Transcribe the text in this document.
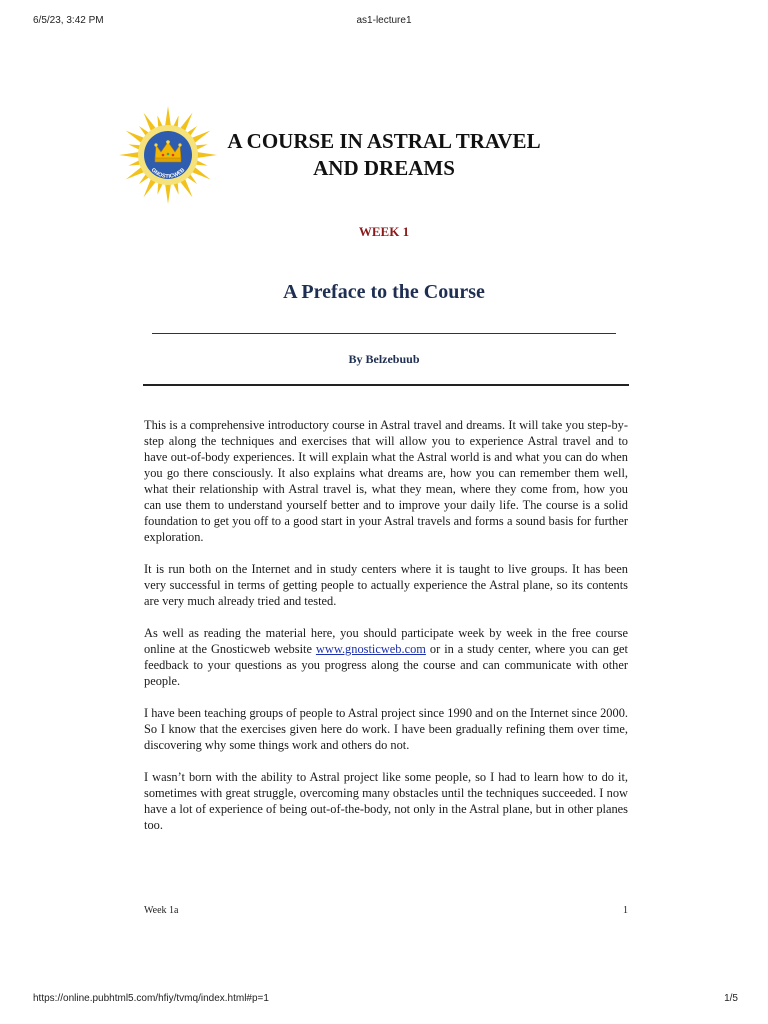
6/5/23, 3:42 PM	as1-lecture1
GNOSTICWEB
A COURSE IN ASTRAL TRAVEL
AND DREAMS
WEEK 1
A Preface to the Course
By Belzebuub

This is a comprehensive introductory course in Astral travel and dreams. It will take you step-by-step along the techniques and exercises that will allow you to experience Astral travel and to have out-of-body experiences. It will explain what the Astral world is and what you can do when you go there consciously. It also explains what dreams are, how you can remember them well, what their relationship with Astral travel is, what they mean, where they come from, how you can use them to understand yourself better and to improve your daily life. The course is a solid foundation to get you off to a good start in your Astral travels and forms a sound basis for further exploration.

It is run both on the Internet and in study centers where it is taught to live groups. It has been very successful in terms of getting people to actually experience the Astral plane, so its contents are very much already tried and tested.

As well as reading the material here, you should participate week by week in the free course online at the Gnosticweb website www.gnosticweb.com or in a study center, where you can get feedback to your questions as you progress along the course and can communicate with other people.

I have been teaching groups of people to Astral project since 1990 and on the Internet since 2000. So I know that the exercises given here do work. I have been gradually refining them over time, discovering why some things work and others do not.

I wasn’t born with the ability to Astral project like some people, so I had to learn how to do it, sometimes with great struggle, overcoming many obstacles until the techniques succeeded. I now have a lot of experience of being out-of-the-body, not only in the Astral plane, but in other planes too.

Week 1a	1
https://online.pubhtml5.com/hfiy/tvmq/index.html#p=1	1/5
